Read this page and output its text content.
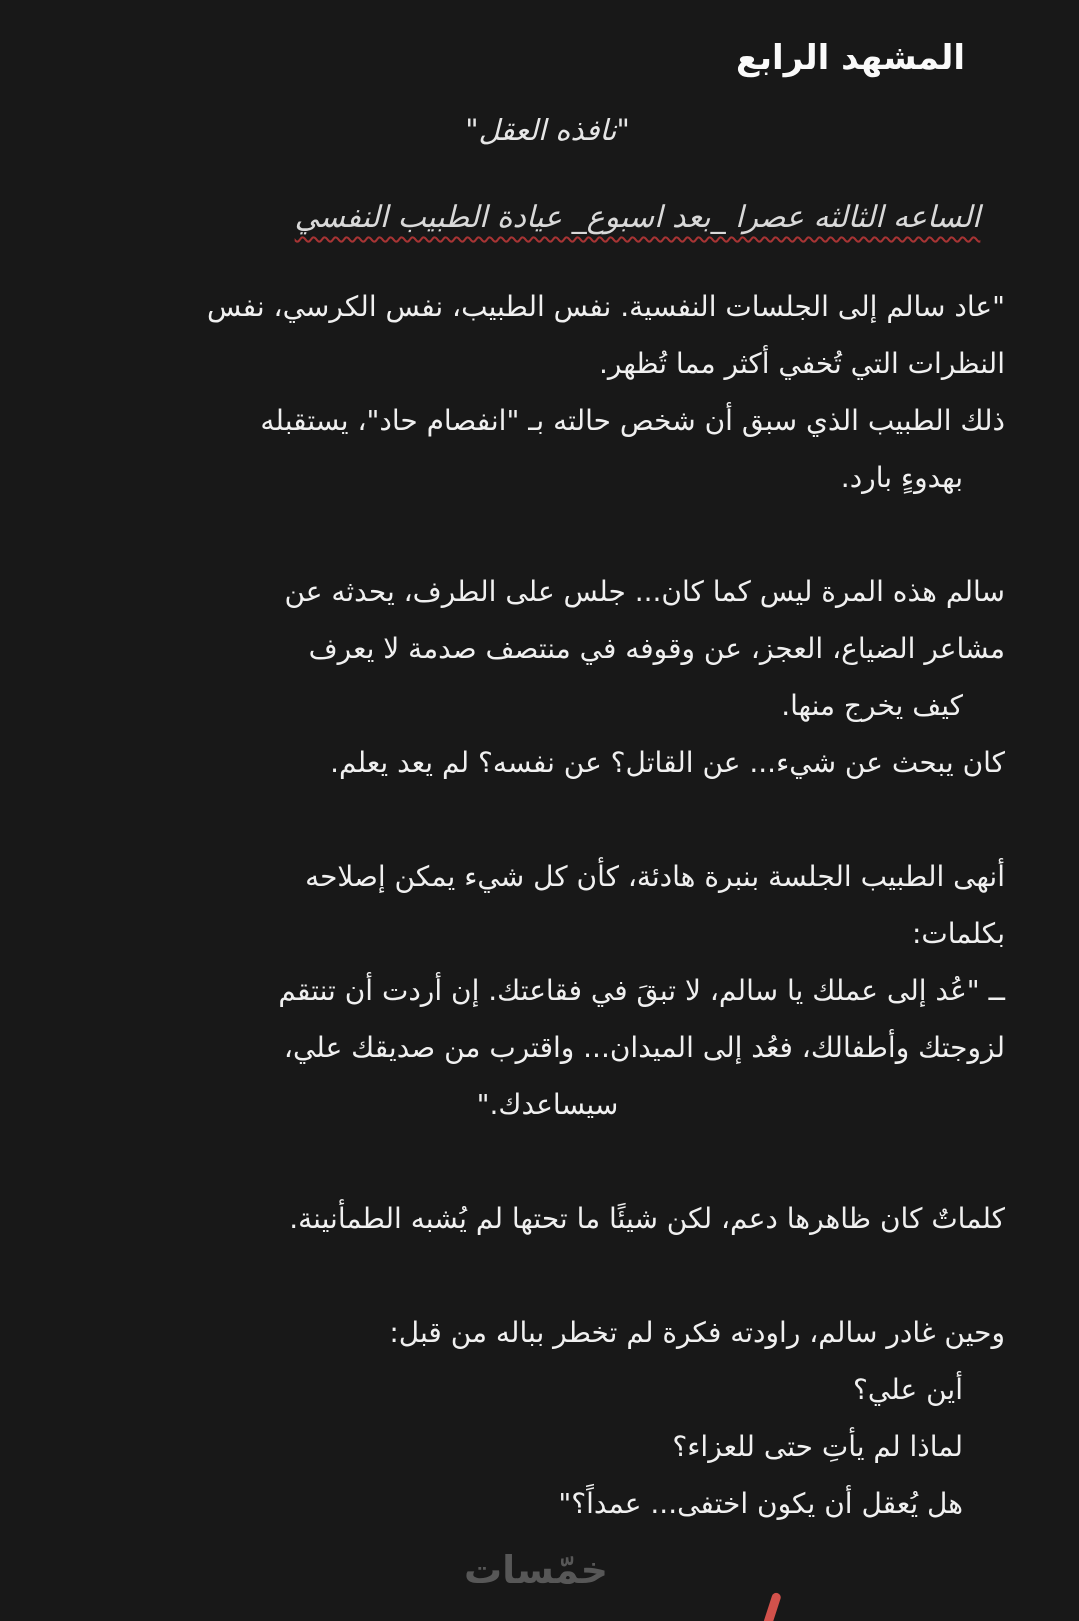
المشهد الرابع
"نافذه العقل"
الساعه الثالثه عصرا _بعد اسبوع_ عيادة الطبيب النفسي
"عاد سالم إلى الجلسات النفسية. نفس الطبيب، نفس الكرسي، نفس
النظرات التي تُخفي أكثر مما تُظهر.
ذلك الطبيب الذي سبق أن شخص حالته بـ "انفصام حاد"، يستقبله
بهدوءٍ بارد.
سالم هذه المرة ليس كما كان... جلس على الطرف، يحدثه عن
مشاعر الضياع، العجز، عن وقوفه في منتصف صدمة لا يعرف
كيف يخرج منها.
كان يبحث عن شيء... عن القاتل؟ عن نفسه؟ لم يعد يعلم.
أنهى الطبيب الجلسة بنبرة هادئة، كأن كل شيء يمكن إصلاحه
بكلمات:
ــ "عُد إلى عملك يا سالم، لا تبقَ في فقاعتك. إن أردت أن تنتقم
لزوجتك وأطفالك، فعُد إلى الميدان... واقترب من صديقك علي،
سيساعدك."
كلماتٌ كان ظاهرها دعم، لكن شيئًا ما تحتها لم يُشبه الطمأنينة.
وحين غادر سالم، راودته فكرة لم تخطر بباله من قبل:
أين علي؟
لماذا لم يأتِ حتى للعزاء؟
هل يُعقل أن يكون اختفى... عمداً؟"
خمّسات
